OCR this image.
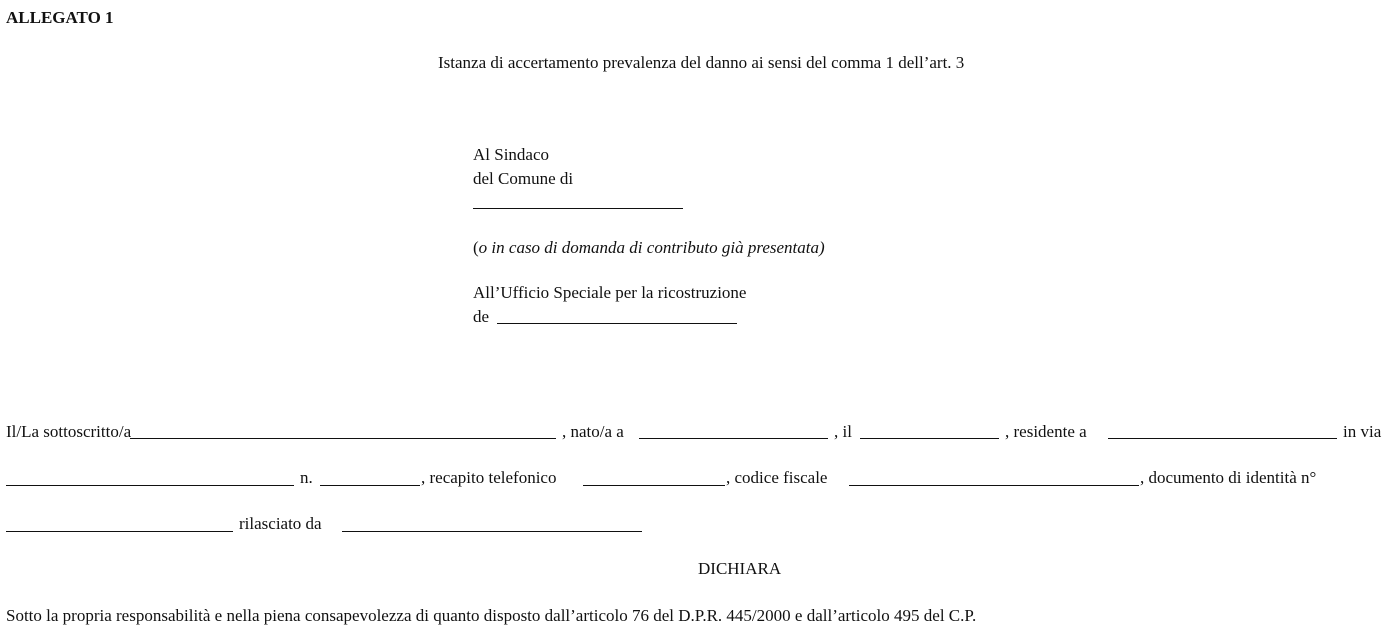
ALLEGATO 1
Istanza di accertamento prevalenza del danno ai sensi del comma 1 dell’art. 3
Al Sindaco
del Comune di
(o in caso di domanda di contributo già presentata)
All’Ufficio Speciale per la ricostruzione
de
Il/La sottoscritto/a	, nato/a a	, il	, residente a	in via
n.	, recapito telefonico	, codice fiscale	, documento di identità n°
rilasciato da
DICHIARA
Sotto la propria responsabilità e nella piena consapevolezza di quanto disposto dall’articolo 76 del D.P.R. 445/2000 e dall’articolo 495 del C.P.
